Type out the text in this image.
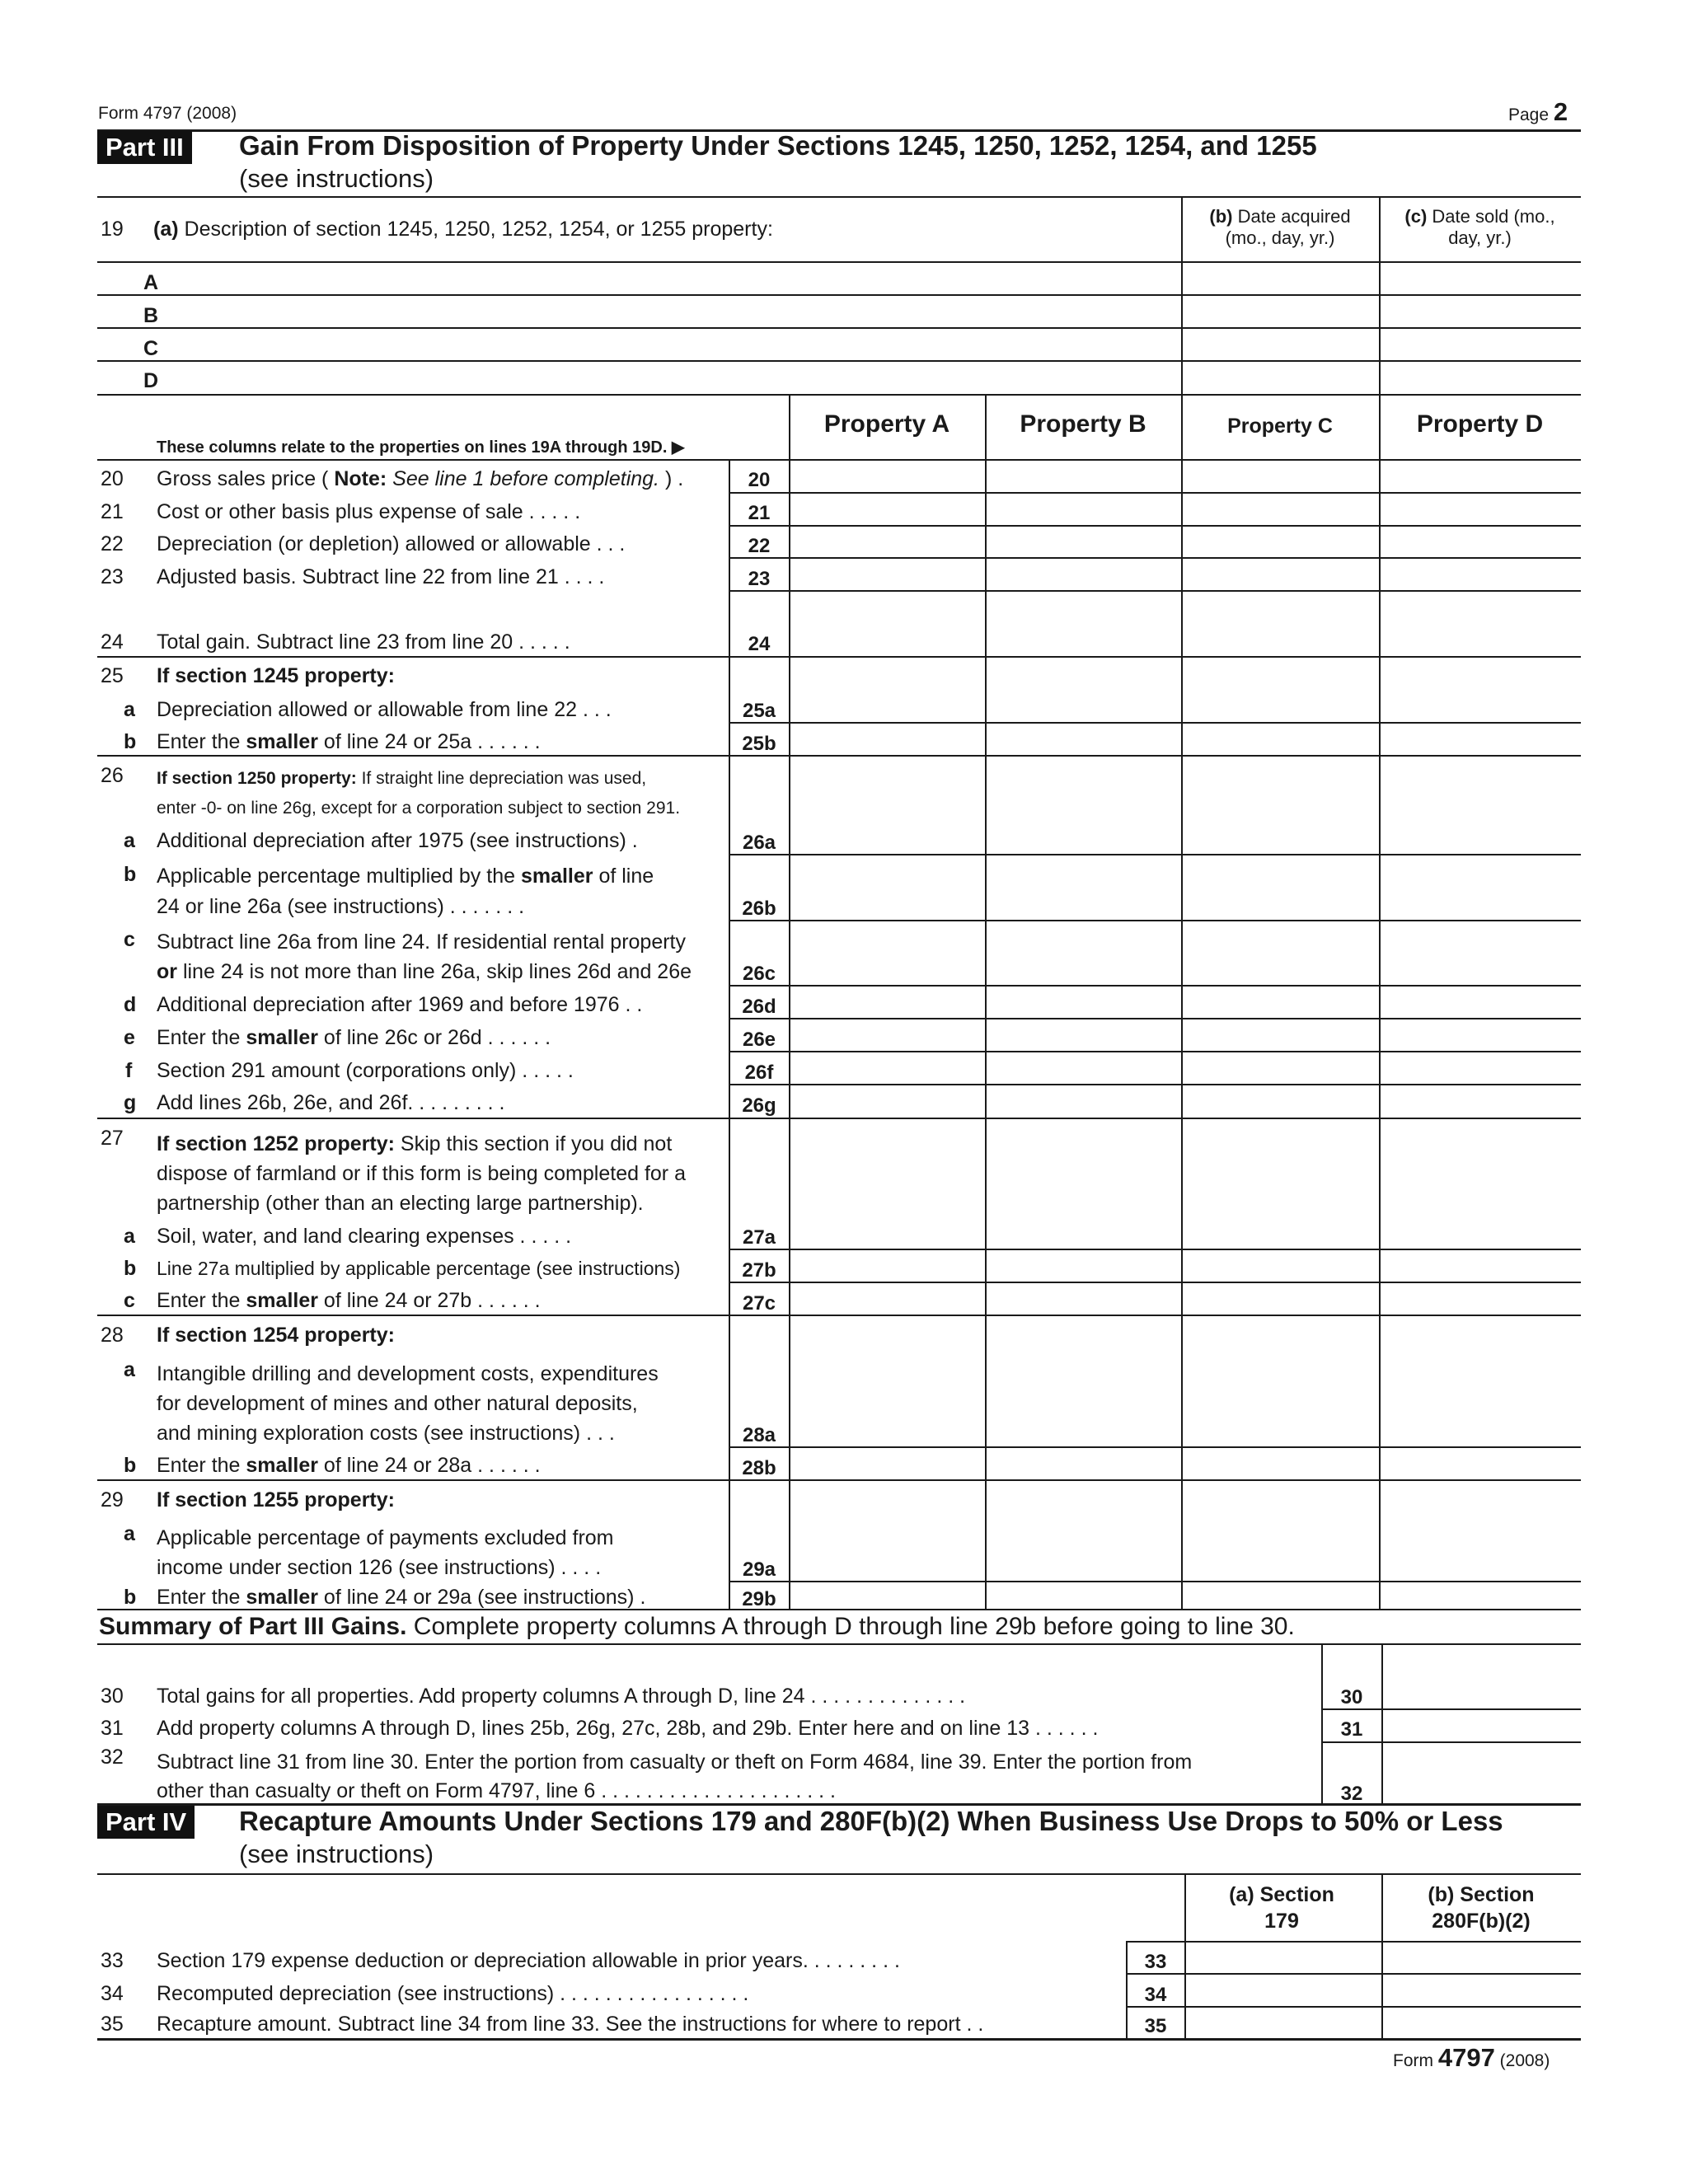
Form 4797 (2008)	Page 2
Part III	Gain From Disposition of Property Under Sections 1245, 1250, 1252, 1254, and 1255
(see instructions)
19 (a) Description of section 1245, 1250, 1252, 1254, or 1255 property:
(b) Date acquired
(mo., day, yr.)
(c) Date sold (mo.,
day, yr.)
A
B
C
D
These columns relate to the properties on lines 19A through 19D. ▶
Property A	Property B	Property C	Property D
20 Gross sales price ( Note: See line 1 before completing. ) .	20
21 Cost or other basis plus expense of sale . . . . .	21
22 Depreciation (or depletion) allowed or allowable . . .	22
23 Adjusted basis. Subtract line 22 from line 21 . . . .	23
24 Total gain. Subtract line 23 from line 20 . . . . .	24
25 If section 1245 property:
a Depreciation allowed or allowable from line 22 . . .	25a
b Enter the smaller of line 24 or 25a . . . . . .	25b
26 If section 1250 property: If straight line depreciation was used,
enter -0- on line 26g, except for a corporation subject to section 291.
a Additional depreciation after 1975 (see instructions) .	26a
b Applicable percentage multiplied by the smaller of line
24 or line 26a (see instructions) . . . . . . .	26b
c Subtract line 26a from line 24. If residential rental property
or line 24 is not more than line 26a, skip lines 26d and 26e	26c
d Additional depreciation after 1969 and before 1976 . .	26d
e Enter the smaller of line 26c or 26d . . . . . .	26e
f Section 291 amount (corporations only) . . . . .	26f
g Add lines 26b, 26e, and 26f. . . . . . . . .	26g
27 If section 1252 property: Skip this section if you did not
dispose of farmland or if this form is being completed for a
partnership (other than an electing large partnership).
a Soil, water, and land clearing expenses . . . . .	27a
b Line 27a multiplied by applicable percentage (see instructions)	27b
c Enter the smaller of line 24 or 27b . . . . . .	27c
28 If section 1254 property:
a Intangible drilling and development costs, expenditures
for development of mines and other natural deposits,
and mining exploration costs (see instructions) . . .	28a
b Enter the smaller of line 24 or 28a . . . . . .	28b
29 If section 1255 property:
a Applicable percentage of payments excluded from
income under section 126 (see instructions) . . . .	29a
b Enter the smaller of line 24 or 29a (see instructions) .	29b
Summary of Part III Gains. Complete property columns A through D through line 29b before going to line 30.
30 Total gains for all properties. Add property columns A through D, line 24 . . . . . . . . . . . . . .	30
31 Add property columns A through D, lines 25b, 26g, 27c, 28b, and 29b. Enter here and on line 13 . . . . . .	31
32 Subtract line 31 from line 30. Enter the portion from casualty or theft on Form 4684, line 39. Enter the portion from
other than casualty or theft on Form 4797, line 6 . . . . . . . . . . . . . . . . . . . . .	32
Part IV	Recapture Amounts Under Sections 179 and 280F(b)(2) When Business Use Drops to 50% or Less
(see instructions)
(a) Section
179
(b) Section
280F(b)(2)
33 Section 179 expense deduction or depreciation allowable in prior years. . . . . . . . .	33
34 Recomputed depreciation (see instructions) . . . . . . . . . . . . . . . . .	34
35 Recapture amount. Subtract line 34 from line 33. See the instructions for where to report . .	35
Form 4797 (2008)
